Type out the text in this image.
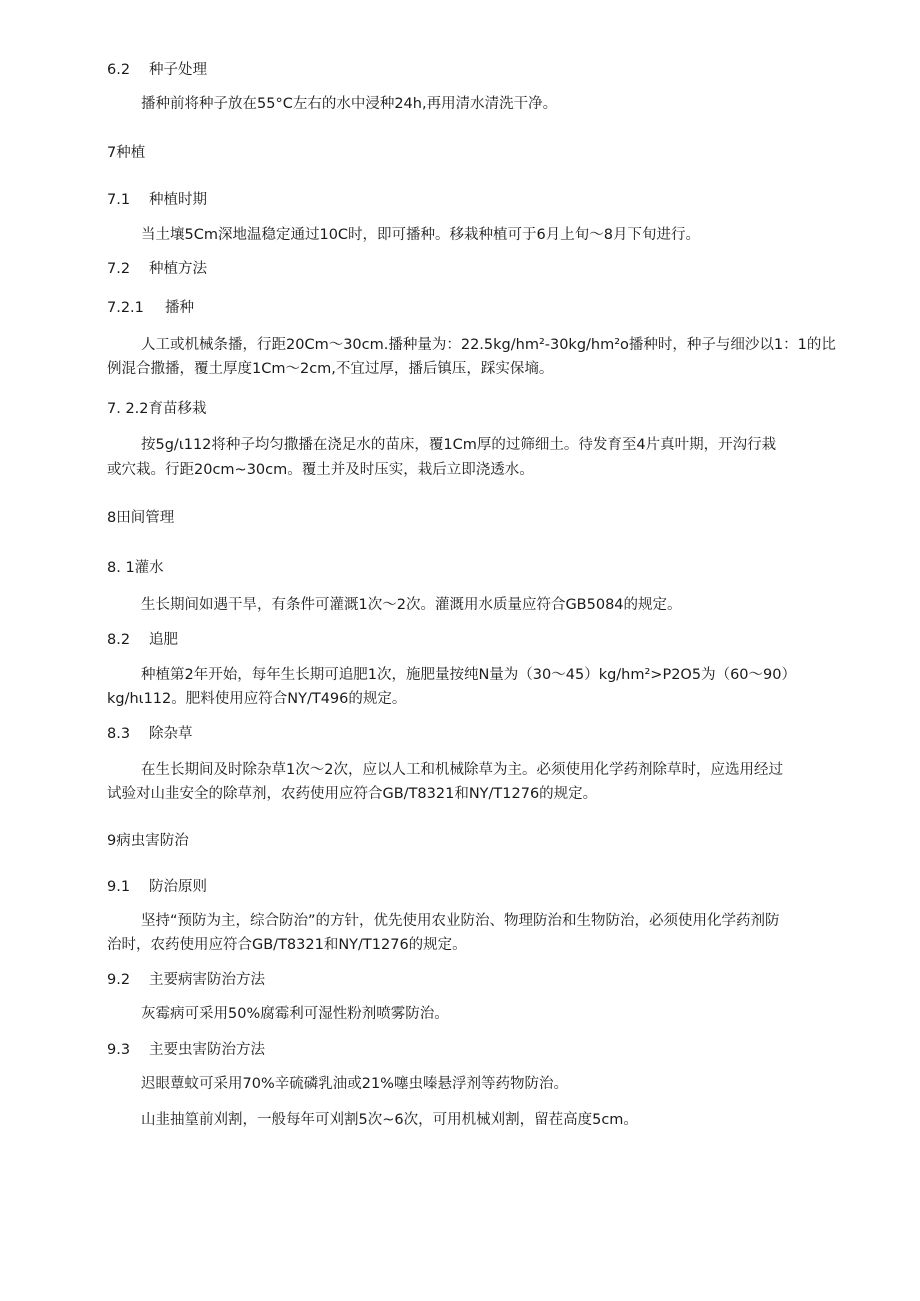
6.2 种子处理
播种前将种子放在55°C左右的水中浸种24h,再用清水清洗干净。
7种植
7.1 种植时期
当土壤5Cm深地温稳定通过10C时，即可播种。移栽种植可于6月上旬～8月下旬进行。
7.2 种植方法
7.2.1 播种
人工或机械条播，行距20Cm～30cm.播种量为：22.5kg∕hm²-30kg∕hm²o播种时，种子与细沙以1：1的比
例混合撒播，覆土厚度1Cm～2cm,不宜过厚，播后镇压，踩实保墒。
7. 2.2育苗移栽
按5g∕ι112将种子均匀撒播在浇足水的苗床，覆1Cm厚的过筛细土。待发育至4片真叶期，开沟行栽
或穴栽。行距20cm~30cm。覆土并及时压实，栽后立即浇透水。
8田间管理
8. 1灌水
生长期间如遇干旱，有条件可灌溉1次～2次。灌溉用水质量应符合GB5084的规定。
8.2 追肥
种植第2年开始，每年生长期可追肥1次，施肥量按纯N量为（30～45）kg∕hm²>P2O5为（60～90）
kg∕hι112。肥料使用应符合NY/T496的规定。
8.3 除杂草
在生长期间及时除杂草1次～2次，应以人工和机械除草为主。必须使用化学药剂除草时，应选用经过
试验对山韭安全的除草剂，农药使用应符合GB/T8321和NY/T1276的规定。
9病虫害防治
9.1 防治原则
坚持“预防为主，综合防治”的方针，优先使用农业防治、物理防治和生物防治，必须使用化学药剂防
治时，农药使用应符合GB/T8321和NY/T1276的规定。
9.2 主要病害防治方法
灰霉病可采用50%腐霉利可湿性粉剂喷雾防治。
9.3 主要虫害防治方法
迟眼蕈蚊可采用70%辛硫磷乳油或21%噻虫嗪悬浮剂等药物防治。
山韭抽篁前刈割，一般每年可刈割5次~6次，可用机械刈割，留茬高度5cm。
